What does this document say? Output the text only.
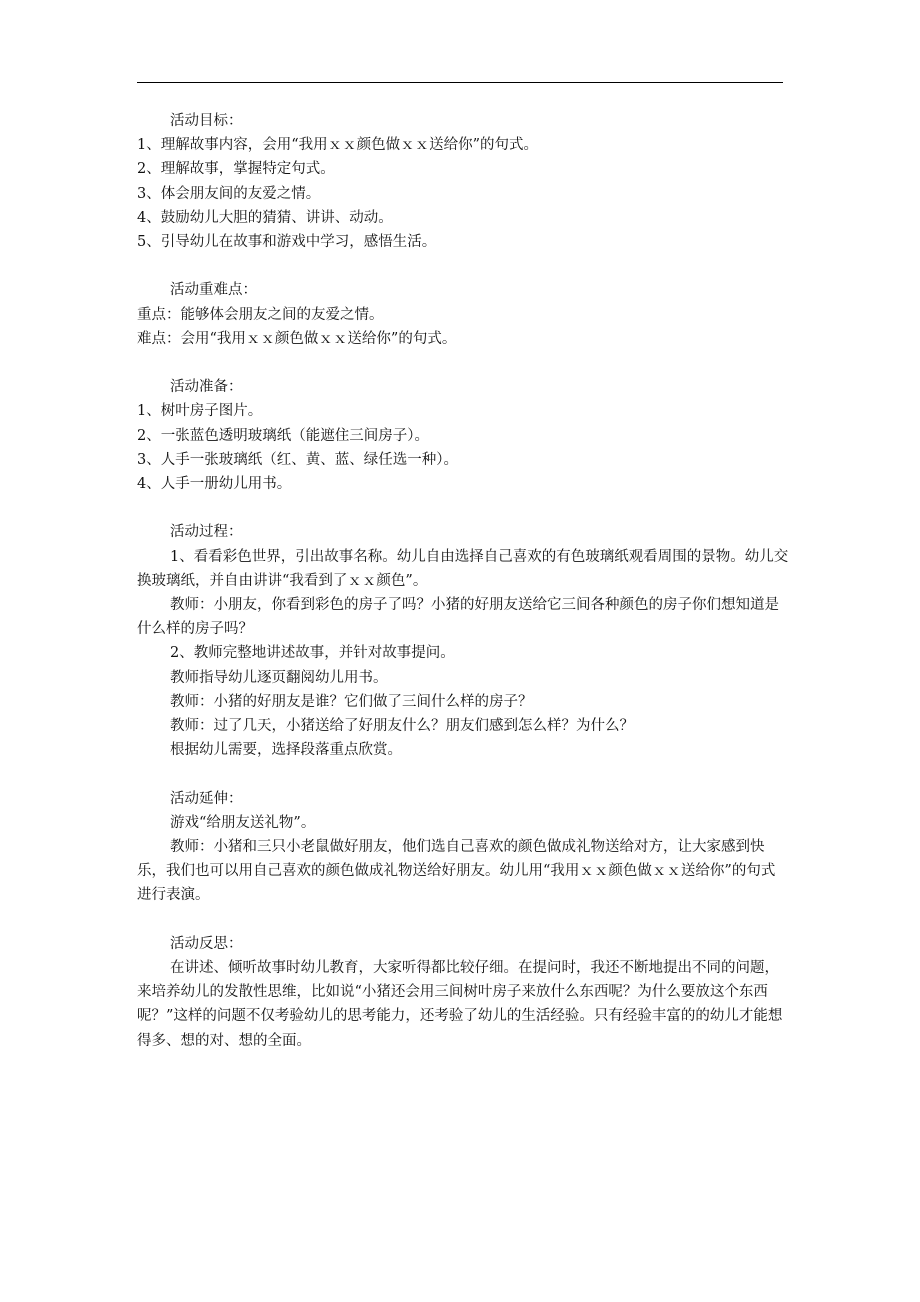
活动目标：
1、理解故事内容，会用“我用ｘｘ颜色做ｘｘ送给你”的句式。
2、理解故事，掌握特定句式。
3、体会朋友间的友爱之情。
4、鼓励幼儿大胆的猜猜、讲讲、动动。
5、引导幼儿在故事和游戏中学习，感悟生活。
活动重难点：
重点：能够体会朋友之间的友爱之情。
难点：会用“我用ｘｘ颜色做ｘｘ送给你”的句式。
活动准备：
1、树叶房子图片。
2、一张蓝色透明玻璃纸（能遮住三间房子）。
3、人手一张玻璃纸（红、黄、蓝、绿任选一种）。
4、人手一册幼儿用书。
活动过程：
1、看看彩色世界，引出故事名称。幼儿自由选择自己喜欢的有色玻璃纸观看周围的景物。幼儿交换玻璃纸，并自由讲讲“我看到了ｘｘ颜色”。
教师：小朋友，你看到彩色的房子了吗？小猪的好朋友送给它三间各种颜色的房子你们想知道是什么样的房子吗？
2、教师完整地讲述故事，并针对故事提问。
教师指导幼儿逐页翻阅幼儿用书。
教师：小猪的好朋友是谁？它们做了三间什么样的房子？
教师：过了几天，小猪送给了好朋友什么？朋友们感到怎么样？为什么？
根据幼儿需要，选择段落重点欣赏。
活动延伸：
游戏“给朋友送礼物”。
教师：小猪和三只小老鼠做好朋友，他们选自己喜欢的颜色做成礼物送给对方，让大家感到快乐，我们也可以用自己喜欢的颜色做成礼物送给好朋友。幼儿用“我用ｘｘ颜色做ｘｘ送给你”的句式进行表演。
活动反思：
在讲述、倾听故事时幼儿教育，大家听得都比较仔细。在提问时，我还不断地提出不同的问题，来培养幼儿的发散性思维，比如说“小猪还会用三间树叶房子来放什么东西呢？为什么要放这个东西呢？”这样的问题不仅考验幼儿的思考能力，还考验了幼儿的生活经验。只有经验丰富的的幼儿才能想得多、想的对、想的全面。
